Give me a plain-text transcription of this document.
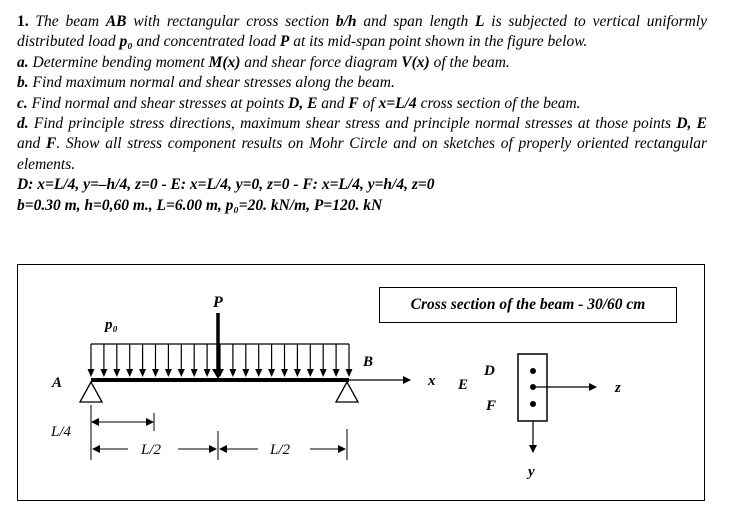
1. The beam AB with rectangular cross section b/h and span length L is subjected to vertical uniformly distributed load p₀ and concentrated load P at its mid-span point shown in the figure below.

a. Determine bending moment M(x) and shear force diagram V(x) of the beam.

b. Find maximum normal and shear stresses along the beam.

c. Find normal and shear stresses at points D, E and F of x=L/4 cross section of the beam.

d. Find principle stress directions, maximum shear stress and principle normal stresses at those points D, E and F. Show all stress component results on Mohr Circle and on sketches of properly oriented rectangular elements.

D: x=L/4, y=–h/4, z=0 - E: x=L/4, y=0, z=0 - F: x=L/4, y=h/4, z=0

b=0.30 m, h=0,60 m., L=6.00 m, p₀=20. kN/m, P=120. kN

P
p₀
A
B
x
L/4
L/2	L/2
D
E
F
z
y
Cross section of the beam - 30/60 cm
